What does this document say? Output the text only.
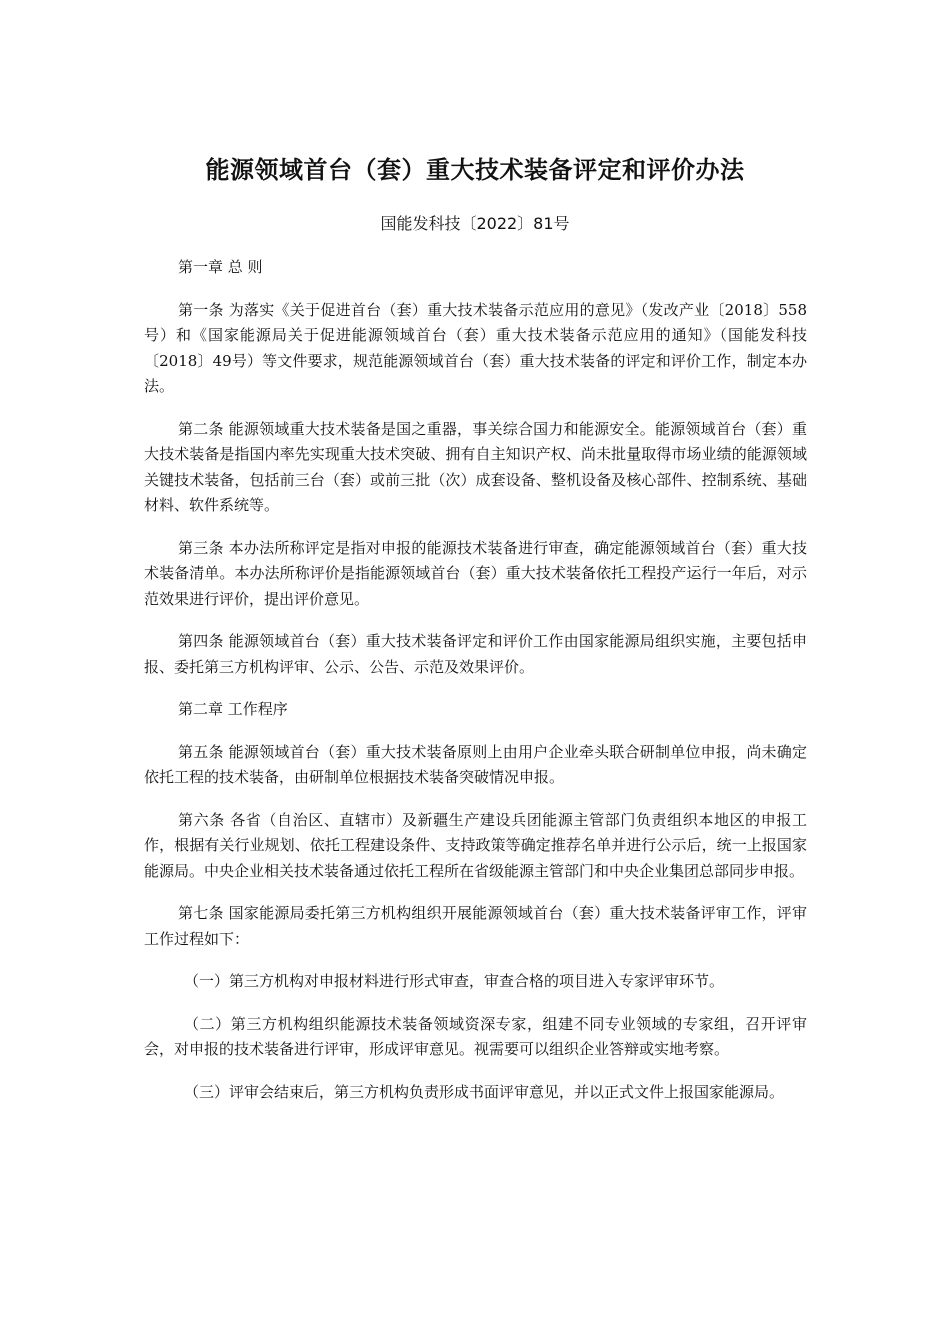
能源领域首台（套）重大技术装备评定和评价办法
国能发科技〔2022〕81号

第一章 总 则

第一条 为落实《关于促进首台（套）重大技术装备示范应用的意见》（发改产业〔2018〕558号）和《国家能源局关于促进能源领域首台（套）重大技术装备示范应用的通知》（国能发科技〔2018〕49号）等文件要求，规范能源领域首台（套）重大技术装备的评定和评价工作，制定本办法。

第二条 能源领域重大技术装备是国之重器，事关综合国力和能源安全。能源领域首台（套）重大技术装备是指国内率先实现重大技术突破、拥有自主知识产权、尚未批量取得市场业绩的能源领域关键技术装备，包括前三台（套）或前三批（次）成套设备、整机设备及核心部件、控制系统、基础材料、软件系统等。

第三条 本办法所称评定是指对申报的能源技术装备进行审查，确定能源领域首台（套）重大技术装备清单。本办法所称评价是指能源领域首台（套）重大技术装备依托工程投产运行一年后，对示范效果进行评价，提出评价意见。

第四条 能源领域首台（套）重大技术装备评定和评价工作由国家能源局组织实施，主要包括申报、委托第三方机构评审、公示、公告、示范及效果评价。

第二章 工作程序

第五条 能源领域首台（套）重大技术装备原则上由用户企业牵头联合研制单位申报，尚未确定依托工程的技术装备，由研制单位根据技术装备突破情况申报。

第六条 各省（自治区、直辖市）及新疆生产建设兵团能源主管部门负责组织本地区的申报工作，根据有关行业规划、依托工程建设条件、支持政策等确定推荐名单并进行公示后，统一上报国家能源局。中央企业相关技术装备通过依托工程所在省级能源主管部门和中央企业集团总部同步申报。

第七条 国家能源局委托第三方机构组织开展能源领域首台（套）重大技术装备评审工作，评审工作过程如下：

（一）第三方机构对申报材料进行形式审查，审查合格的项目进入专家评审环节。

（二）第三方机构组织能源技术装备领域资深专家，组建不同专业领域的专家组，召开评审会，对申报的技术装备进行评审，形成评审意见。视需要可以组织企业答辩或实地考察。

（三）评审会结束后，第三方机构负责形成书面评审意见，并以正式文件上报国家能源局。
